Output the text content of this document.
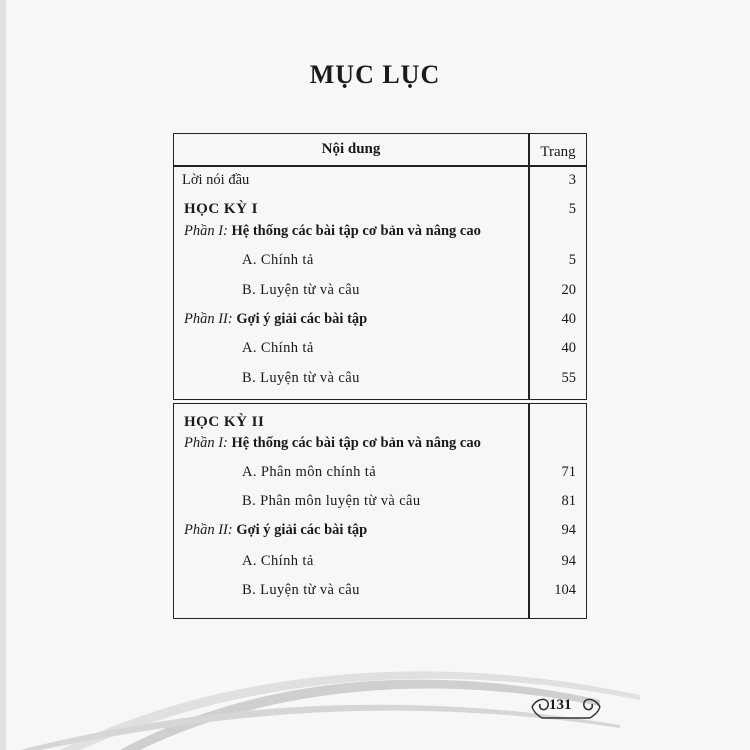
MỤC LỤC
Nội dung	Trang
Lời nói đầu	3
HỌC KỲ I	5
Phần I: Hệ thống các bài tập cơ bản và nâng cao
A. Chính tả	5
B. Luyện từ và câu	20
Phần II: Gợi ý giải các bài tập	40
A. Chính tả	40
B. Luyện từ và câu	55
HỌC KỲ II
Phần I: Hệ thống các bài tập cơ bản và nâng cao
A. Phân môn chính tả	71
B. Phân môn luyện từ và câu	81
Phần II: Gợi ý giải các bài tập	94
A. Chính tả	94
B. Luyện từ và câu	104
131
